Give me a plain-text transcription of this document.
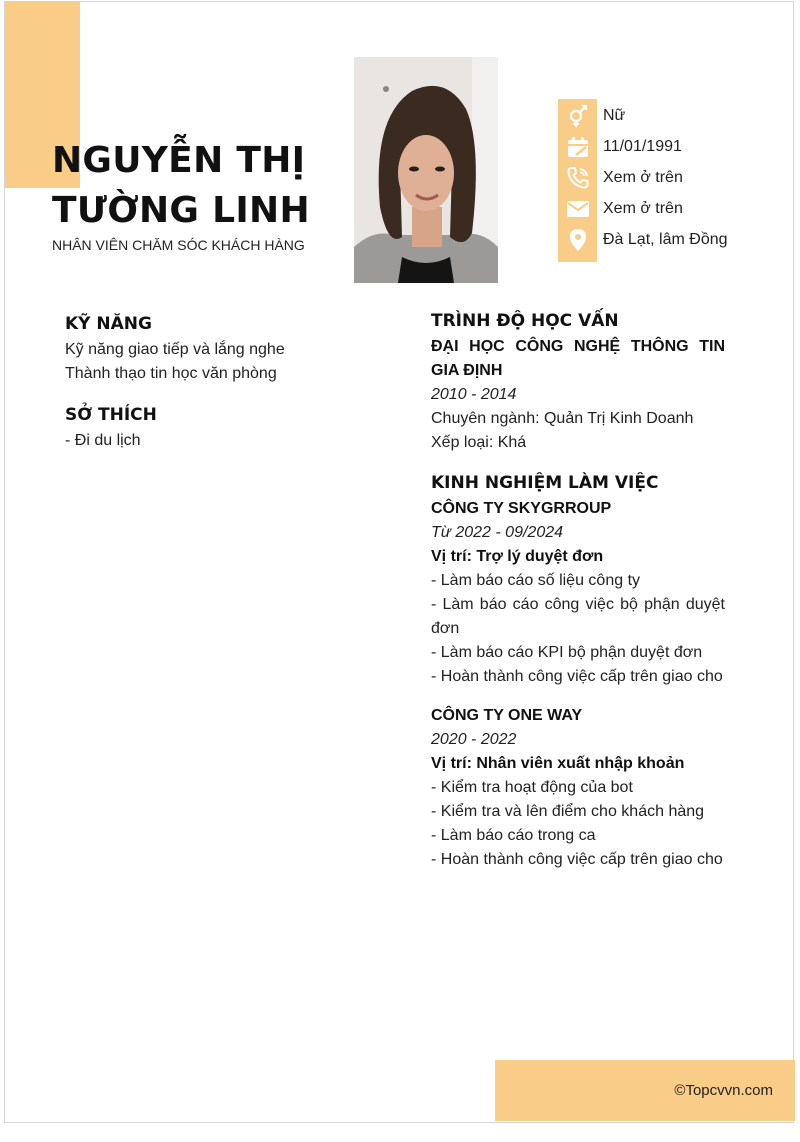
NGUYỄN THỊ
TƯỜNG LINH
NHÂN VIÊN CHĂM SÓC KHÁCH HÀNG
Nữ
11/01/1991
Xem ở trên
Xem ở trên
Đà Lạt, lâm Đồng
KỸ NĂNG
Kỹ năng giao tiếp và lắng nghe
Thành thạo tin học văn phòng
SỞ THÍCH
- Đi du lịch
TRÌNH ĐỘ HỌC VẤN
ĐẠI HỌC CÔNG NGHỆ THÔNG TIN GIA ĐỊNH
2010 - 2014
Chuyên ngành: Quản Trị Kinh Doanh
Xếp loại: Khá
KINH NGHIỆM LÀM VIỆC
CÔNG TY SKYGRROUP
Từ 2022 - 09/2024
Vị trí: Trợ lý duyệt đơn
- Làm báo cáo số liệu công ty
- Làm báo cáo công việc bộ phận duyệt đơn
- Làm báo cáo KPI bộ phận duyệt đơn
- Hoàn thành công việc cấp trên giao cho
CÔNG TY ONE WAY
2020 - 2022
Vị trí: Nhân viên xuất nhập khoản
- Kiểm tra hoạt động của bot
- Kiểm tra và lên điểm cho khách hàng
- Làm báo cáo trong ca
- Hoàn thành công việc cấp trên giao cho
©Topcvvn.com
